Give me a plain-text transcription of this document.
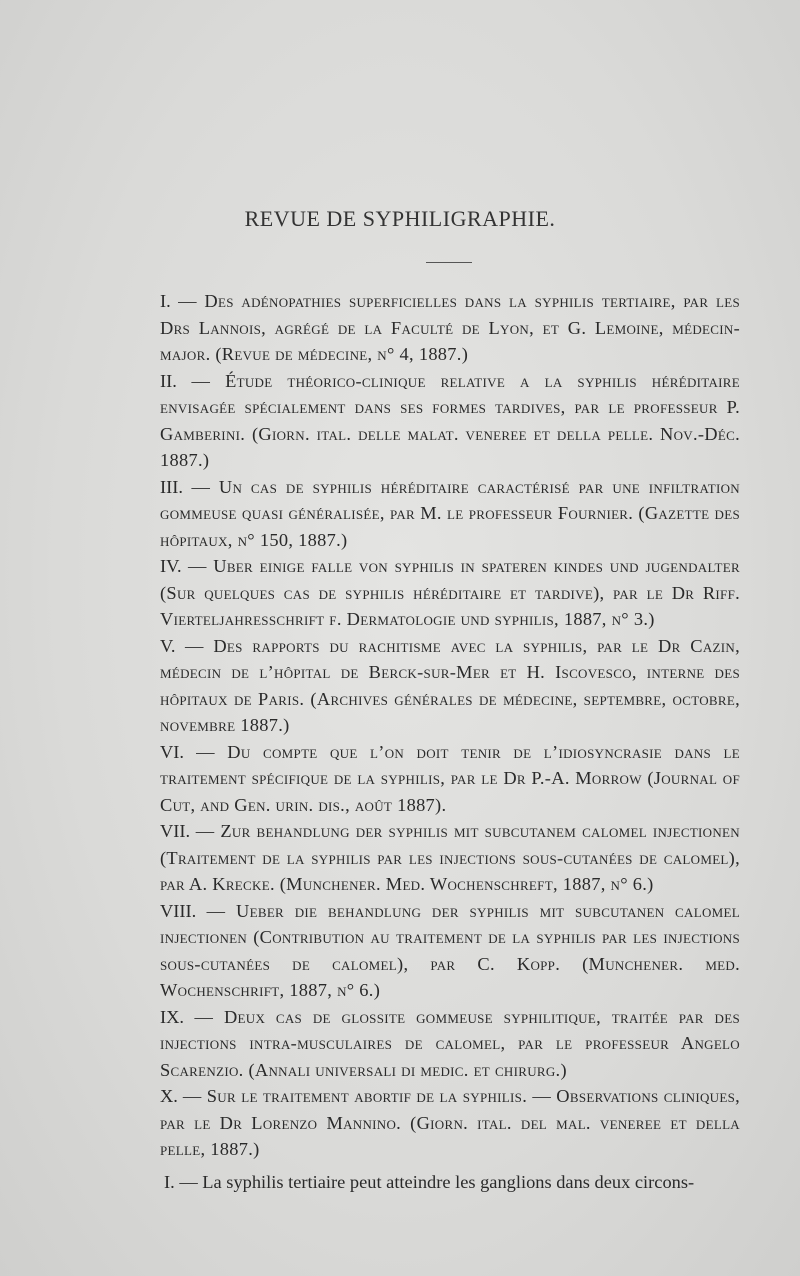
REVUE DE SYPHILIGRAPHIE.

I. — Des adénopathies superficielles dans la syphilis tertiaire, par les Drs Lannois, agrégé de la Faculté de Lyon, et G. Lemoine, médecin-major. (Revue de médecine, n° 4, 1887.)

II. — Étude théorico-clinique relative a la syphilis héréditaire envisagée spécialement dans ses formes tardives, par le professeur P. Gamberini. (Giorn. ital. delle malat. veneree et della pelle. Nov.-Déc. 1887.)

III. — Un cas de syphilis héréditaire caractérisé par une infiltration gommeuse quasi généralisée, par M. le professeur Fournier. (Gazette des hôpitaux, n° 150, 1887.)

IV. — Uber einige falle von syphilis in spateren kindes und jugendalter (Sur quelques cas de syphilis héréditaire et tardive), par le Dr Riff. Vierteljahresschrift f. Dermatologie und syphilis, 1887, n° 3.)

V. — Des rapports du rachitisme avec la syphilis, par le Dr Cazin, médecin de l’hôpital de Berck-sur-Mer et H. Iscovesco, interne des hôpitaux de Paris. (Archives générales de médecine, septembre, octobre, novembre 1887.)

VI. — Du compte que l’on doit tenir de l’idiosyncrasie dans le traitement spécifique de la syphilis, par le Dr P.-A. Morrow (Journal of Cut, and Gen. urin. dis., août 1887).

VII. — Zur behandlung der syphilis mit subcutanem calomel injectionen (Traitement de la syphilis par les injections sous-cutanées de calomel), par A. Krecke. (Munchener. Med. Wochenschreft, 1887, n° 6.)

VIII. — Ueber die behandlung der syphilis mit subcutanen calomel injectionen (Contribution au traitement de la syphilis par les injections sous-cutanées de calomel), par C. Kopp. (Munchener. med. Wochenschrift, 1887, n° 6.)

IX. — Deux cas de glossite gommeuse syphilitique, traitée par des injections intra-musculaires de calomel, par le professeur Angelo Scarenzio. (Annali universali di medic. et chirurg.)

X. — Sur le traitement abortif de la syphilis. — Observations cliniques, par le Dr Lorenzo Mannino. (Giorn. ital. del mal. veneree et della pelle, 1887.)

I. — La syphilis tertiaire peut atteindre les ganglions dans deux circons-
